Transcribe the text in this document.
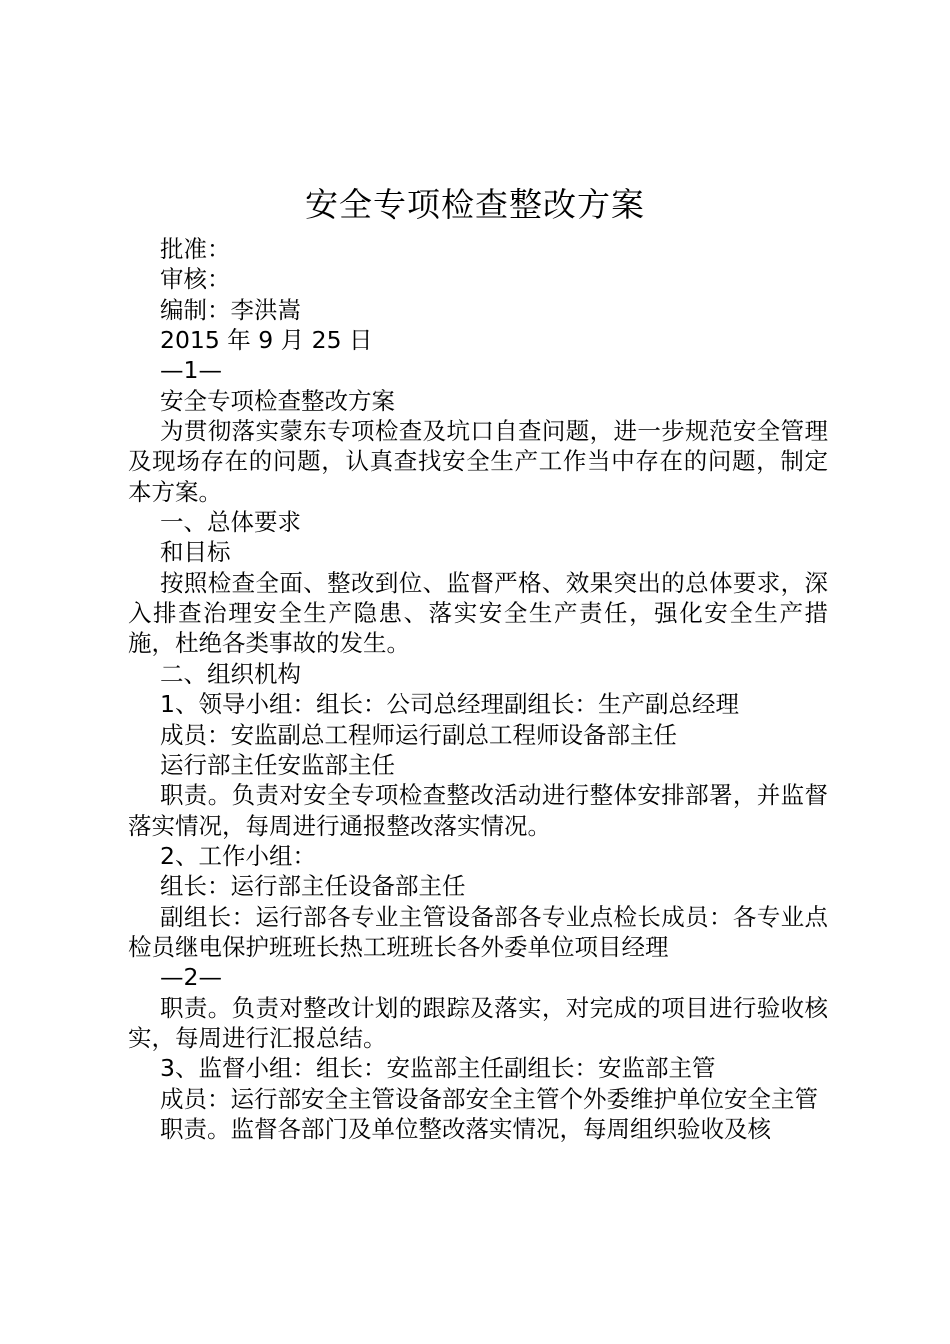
安全专项检查整改方案

批准：

审核：

编制：李洪嵩

2015 年 9 月 25 日

—1—

安全专项检查整改方案

为贯彻落实蒙东专项检查及坑口自查问题，进一步规范安全管理及现场存在的问题，认真查找安全生产工作当中存在的问题，制定本方案。

一、总体要求

和目标

按照检查全面、整改到位、监督严格、效果突出的总体要求，深入排查治理安全生产隐患、落实安全生产责任，强化安全生产措施，杜绝各类事故的发生。

二、组织机构

1、领导小组：组长：公司总经理副组长：生产副总经理

成员：安监副总工程师运行副总工程师设备部主任

运行部主任安监部主任

职责。负责对安全专项检查整改活动进行整体安排部署，并监督落实情况，每周进行通报整改落实情况。

2、工作小组：

组长：运行部主任设备部主任

副组长：运行部各专业主管设备部各专业点检长成员：各专业点检员继电保护班班长热工班班长各外委单位项目经理

—2—

职责。负责对整改计划的跟踪及落实，对完成的项目进行验收核实，每周进行汇报总结。

3、监督小组：组长：安监部主任副组长：安监部主管

成员：运行部安全主管设备部安全主管个外委维护单位安全主管

职责。监督各部门及单位整改落实情况，每周组织验收及核
